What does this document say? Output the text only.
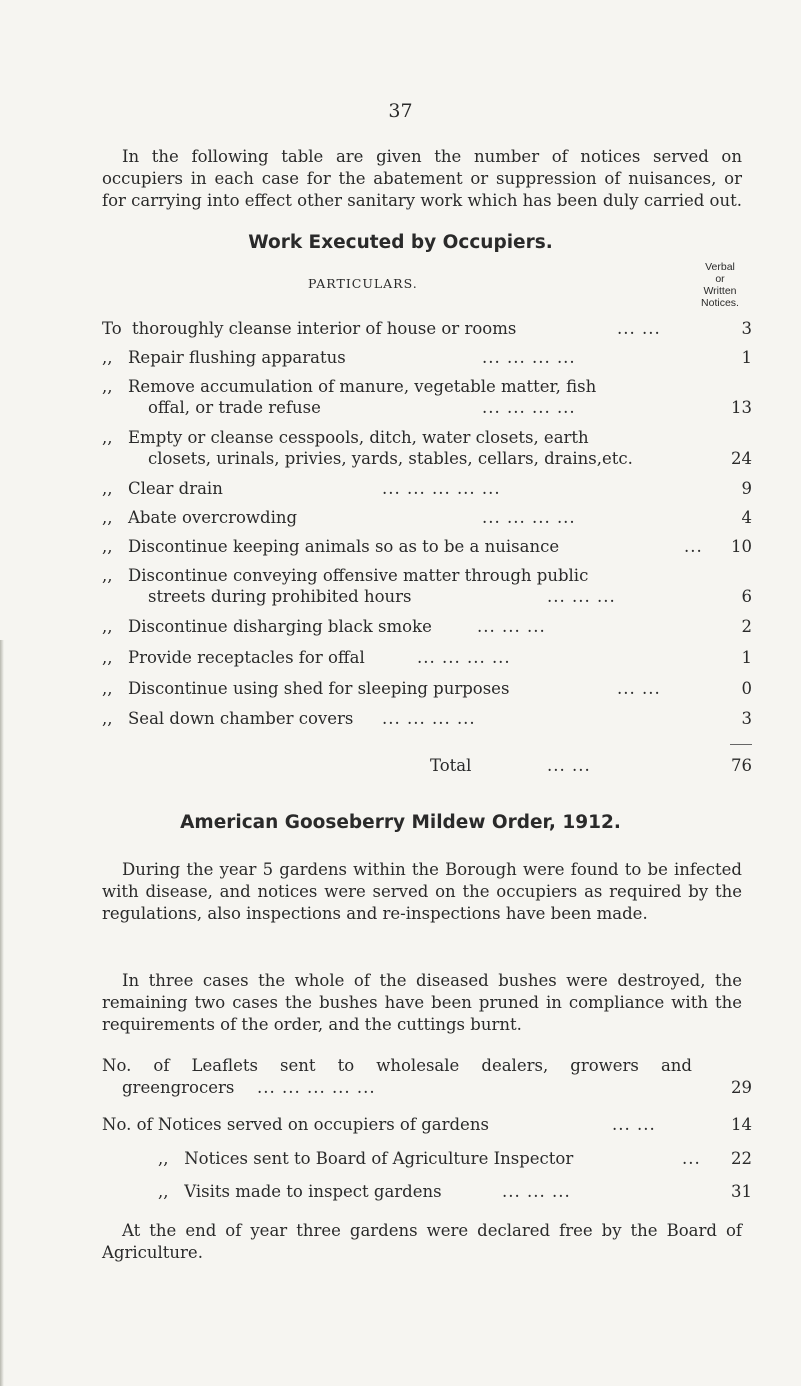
37
In the following table are given the number of notices served on occupiers in each case for the abatement or suppression of nuisances, or for carrying into effect other sanitary work which has been duly carried out.
Work Executed by Occupiers.
PARTICULARS.
Verbal
or
Written
Notices.
To thoroughly cleanse interior of house or rooms	... ...	3
,, Repair flushing apparatus	... ... ... ...	1
,, Remove accumulation of manure, vegetable matter, fish
offal, or trade refuse	... ... ... ...	13
,, Empty or cleanse cesspools, ditch, water closets, earth
closets, urinals, privies, yards, stables, cellars, drains,etc.	24
,, Clear drain	... ... ... ... ...	9
,, Abate overcrowding	... ... ... ...	4
,, Discontinue keeping animals so as to be a nuisance	...	10
,, Discontinue conveying offensive matter through public
streets during prohibited hours	... ... ...	6
,, Discontinue disharging black smoke	... ... ...	2
,, Provide receptacles for offal	... ... ... ...	1
,, Discontinue using shed for sleeping purposes	... ...	0
,, Seal down chamber covers	... ... ... ...	3
Total	... ...	76
American Gooseberry Mildew Order, 1912.
During the year 5 gardens within the Borough were found to be infected with disease, and notices were served on the occupiers as required by the regulations, also inspections and re-inspections have been made.
In three cases the whole of the diseased bushes were destroyed, the remaining two cases the bushes have been pruned in compliance with the requirements of the order, and the cuttings burnt.
No. of Leaflets sent to wholesale dealers, growers and
greengrocers ... ... ... ... ...	29
No. of Notices served on occupiers of gardens	... ...	14
,,   Notices sent to Board of Agriculture Inspector	...	22
,,   Visits made to inspect gardens	... ... ...	31
At the end of year three gardens were declared free by the Board of Agriculture.
